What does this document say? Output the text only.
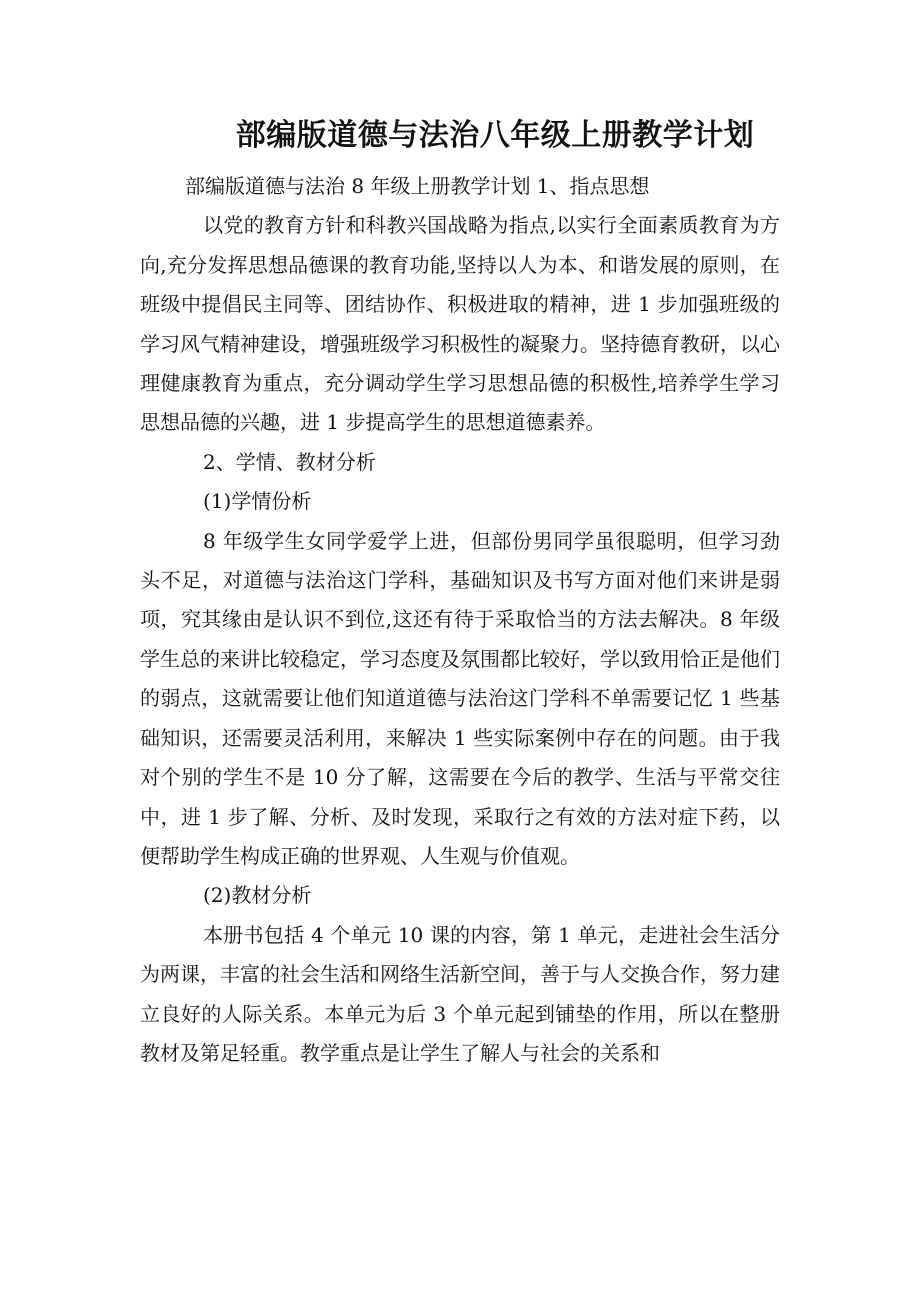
部编版道德与法治八年级上册教学计划

部编版道德与法治 8 年级上册教学计划 1、指点思想

以党的教育方针和科教兴国战略为指点,以实行全面素质教育为方向,充分发挥思想品德课的教育功能,坚持以人为本、和谐发展的原则，在班级中提倡民主同等、团结协作、积极进取的精神，进 1 步加强班级的学习风气精神建设，增强班级学习积极性的凝聚力。坚持德育教研，以心理健康教育为重点，充分调动学生学习思想品德的积极性,培养学生学习思想品德的兴趣，进 1 步提高学生的思想道德素养。

2、学情、教材分析

(1)学情份析

8 年级学生女同学爱学上进，但部份男同学虽很聪明，但学习劲头不足，对道德与法治这门学科，基础知识及书写方面对他们来讲是弱项，究其缘由是认识不到位,这还有待于采取恰当的方法去解决。8 年级学生总的来讲比较稳定，学习态度及氛围都比较好，学以致用恰正是他们的弱点，这就需要让他们知道道德与法治这门学科不单需要记忆 1 些基础知识，还需要灵活利用，来解决 1 些实际案例中存在的问题。由于我对个别的学生不是 10 分了解，这需要在今后的教学、生活与平常交往中，进 1 步了解、分析、及时发现，采取行之有效的方法对症下药，以便帮助学生构成正确的世界观、人生观与价值观。

(2)教材分析

本册书包括 4 个单元 10 课的内容，第 1 单元，走进社会生活分为两课，丰富的社会生活和网络生活新空间，善于与人交换合作，努力建立良好的人际关系。本单元为后 3 个单元起到铺垫的作用，所以在整册教材及第足轻重。教学重点是让学生了解人与社会的关系和
